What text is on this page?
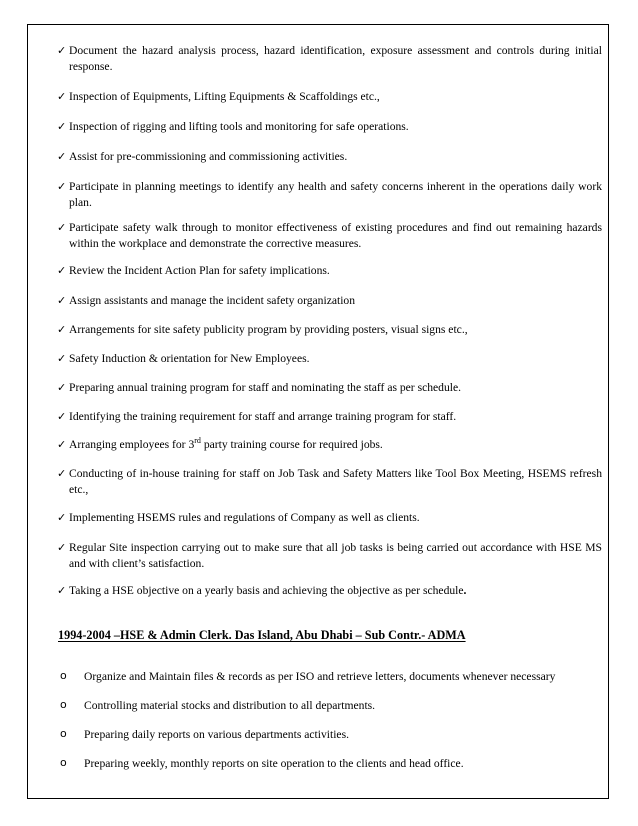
✓ Document the hazard analysis process, hazard identification, exposure assessment and controls during initial response.
✓ Inspection of Equipments, Lifting Equipments & Scaffoldings etc.,
✓ Inspection of rigging and lifting tools and monitoring for safe operations.
✓ Assist for pre-commissioning and commissioning activities.
✓ Participate in planning meetings to identify any health and safety concerns inherent in the operations daily work plan.
✓ Participate safety walk through to monitor effectiveness of existing procedures and find out remaining hazards within the workplace and demonstrate the corrective measures.
✓ Review the Incident Action Plan for safety implications.
✓ Assign assistants and manage the incident safety organization
✓ Arrangements for site safety publicity program by providing posters, visual signs etc.,
✓ Safety Induction & orientation for New Employees.
✓ Preparing annual training program for staff and nominating the staff as per schedule.
✓ Identifying the training requirement for staff and arrange training program for staff.
✓ Arranging employees for 3rd party training course for required jobs.
✓ Conducting of in-house training for staff on Job Task and Safety Matters like Tool Box Meeting, HSEMS refresh etc.,
✓ Implementing HSEMS rules and regulations of Company as well as clients.
✓ Regular Site inspection carrying out to make sure that all job tasks is being carried out accordance with HSE MS and with client’s satisfaction.
✓ Taking a HSE objective on a yearly basis and achieving the objective as per schedule.
1994-2004 –HSE & Admin Clerk. Das Island, Abu Dhabi – Sub Contr.- ADMA
o Organize and Maintain files & records as per ISO and retrieve letters, documents whenever necessary
o Controlling material stocks and distribution to all departments.
o Preparing daily reports on various departments activities.
o Preparing weekly, monthly reports on site operation to the clients and head office.
